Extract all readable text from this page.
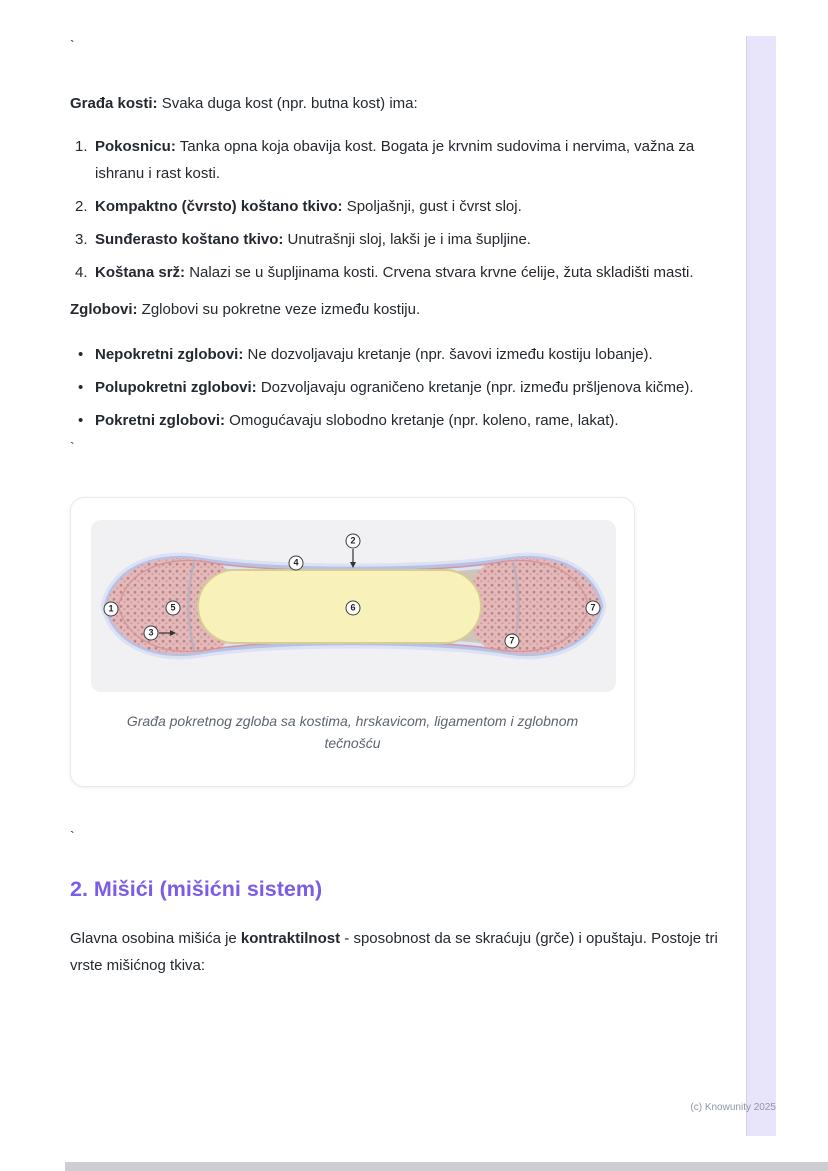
`

Građa kosti: Svaka duga kost (npr. butna kost) ima:

1. Pokosnicu: Tanka opna koja obavija kost. Bogata je krvnim sudovima i nervima, važna za ishranu i rast kosti.
2. Kompaktno (čvrsto) koštano tkivo: Spoljašnji, gust i čvrst sloj.
3. Sunđerasto koštano tkivo: Unutrašnji sloj, lakši je i ima šupljine.
4. Koštana srž: Nalazi se u šupljinama kosti. Crvena stvara krvne ćelije, žuta skladišti masti.

Zglobovi: Zglobovi su pokretne veze između kostiju.

• Nepokretni zglobovi: Ne dozvoljavaju kretanje (npr. šavovi između kostiju lobanje).
• Polupokretni zglobovi: Dozvoljavaju ograničeno kretanje (npr. između pršljenova kičme).
• Pokretni zglobovi: Omogućavaju slobodno kretanje (npr. koleno, rame, lakat).
`
1
2
3
4
5	6	7
7
Građa pokretnog zgloba sa kostima, hrskavicom, ligamentom i zglobnom tečnošću
`
2. Mišići (mišićni sistem)

Glavna osobina mišića je kontraktilnost - sposobnost da se skraćuju (grče) i opuštaju. Postoje tri vrste mišićnog tkiva:

(c) Knowunity 2025
